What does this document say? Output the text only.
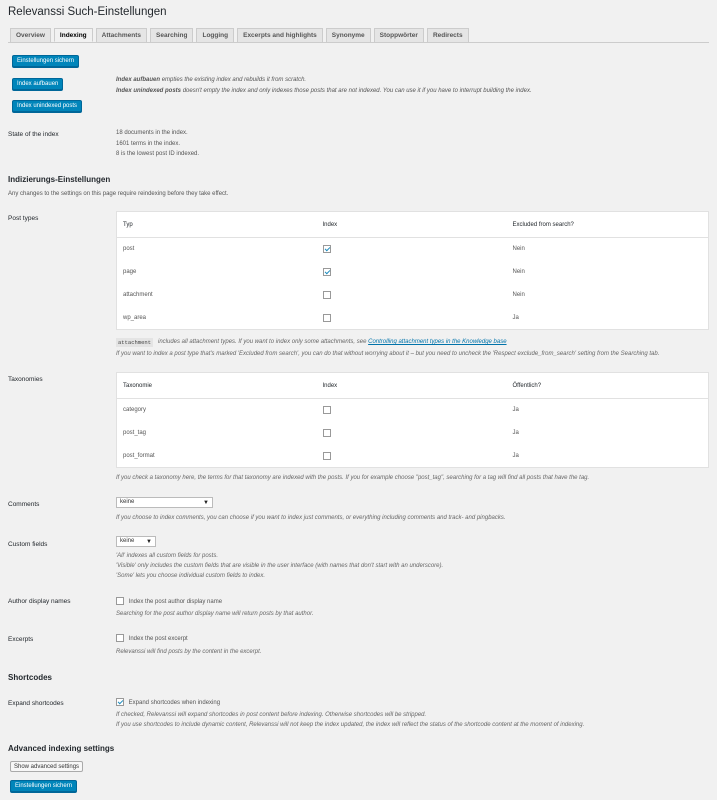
Relevanssi Such-Einstellungen
Overview	Indexing	Attachments	Searching	Logging	Excerpts and highlights	Synonyme	Stoppwörter	Redirects
Einstellungen sichern
Index aufbauen
Index unindexed posts
Index aufbauen empties the existing index and rebuilds it from scratch.
Index unindexed posts doesn't empty the index and only indexes those posts that are not indexed. You can use it if you have to interrupt building the index.
State of the index	18 documents in the index.
1601 terms in the index.
8 is the lowest post ID indexed.
Indizierungs-Einstellungen
Any changes to the settings on this page require reindexing before they take effect.
Post types
Typ	Index	Excluded from search?
post		Nein
page		Nein
attachment		Nein
wp_area		Ja
attachment	includes all attachment types. If you want to index only some attachments, see Controlling attachment types in the Knowledge base
If you want to index a post type that's marked 'Excluded from search', you can do that without worrying about it – but you need to uncheck the 'Respect exclude_from_search' setting from the Searching tab.
Taxonomies
Taxonomie	Index	Öffentlich?
category		Ja
post_tag		Ja
post_format		Ja
If you check a taxonomy here, the terms for that taxonomy are indexed with the posts. If you for example choose "post_tag", searching for a tag will find all posts that have the tag.
Comments	keine	▼
If you choose to index comments, you can choose if you want to index just comments, or everything including comments and track- and pingbacks.
Custom fields	keine ▼
'All' indexes all custom fields for posts.
'Visible' only includes the custom fields that are visible in the user interface (with names that don't start with an underscore).
'Some' lets you choose individual custom fields to index.
Author display names	Index the post author display name
Searching for the post author display name will return posts by that author.
Excerpts	Index the post excerpt
Relevanssi will find posts by the content in the excerpt.
Shortcodes
Expand shortcodes	Expand shortcodes when indexing
If checked, Relevanssi will expand shortcodes in post content before indexing. Otherwise shortcodes will be stripped.
If you use shortcodes to include dynamic content, Relevanssi will not keep the index updated, the index will reflect the status of the shortcode content at the moment of indexing.
Advanced indexing settings
Show advanced settings
Einstellungen sichern
